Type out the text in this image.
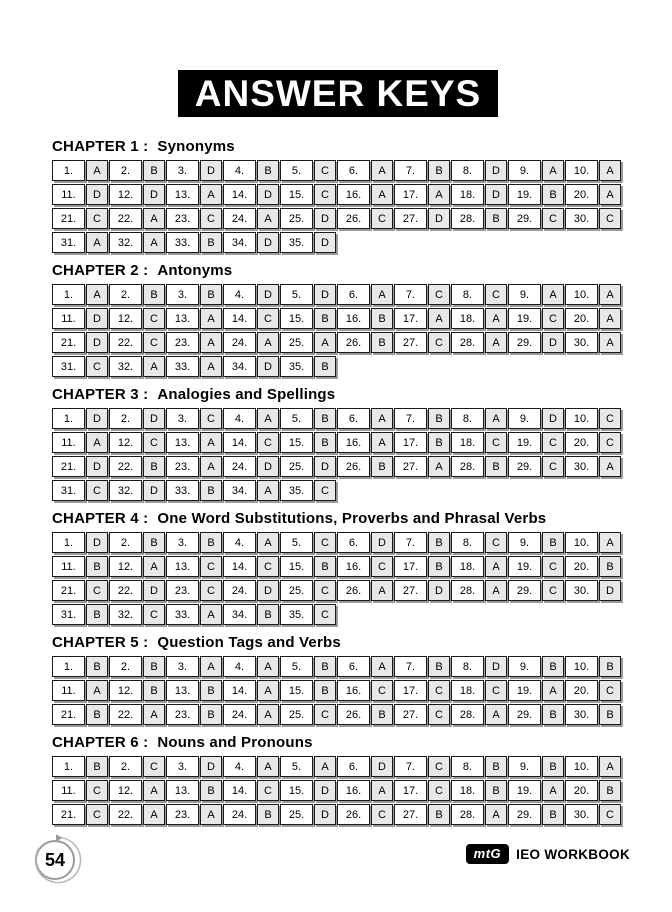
ANSWER KEYS
CHAPTER 1 : Synonyms
1.	A	2.	B	3.	D	4.	B	5.	C	6.	A	7.	B	8.	D	9.	A	10.	A
11.	D	12.	D	13.	A	14.	D	15.	C	16.	A	17.	A	18.	D	19.	B	20.	A
21.	C	22.	A	23.	C	24.	A	25.	D	26.	C	27.	D	28.	B	29.	C	30.	C
31.	A	32.	A	33.	B	34.	D	35.	D
CHAPTER 2 : Antonyms
1.	A	2.	B	3.	B	4.	D	5.	D	6.	A	7.	C	8.	C	9.	A	10.	A
11.	D	12.	C	13.	A	14.	C	15.	B	16.	B	17.	A	18.	A	19.	C	20.	A
21.	D	22.	C	23.	A	24.	A	25.	A	26.	B	27.	C	28.	A	29.	D	30.	A
31.	C	32.	A	33.	A	34.	D	35.	B
CHAPTER 3 : Analogies and Spellings
1.	D	2.	D	3.	C	4.	A	5.	B	6.	A	7.	B	8.	A	9.	D	10.	C
11.	A	12.	C	13.	A	14.	C	15.	B	16.	A	17.	B	18.	C	19.	C	20.	C
21.	D	22.	B	23.	A	24.	D	25.	D	26.	B	27.	A	28.	B	29.	C	30.	A
31.	C	32.	D	33.	B	34.	A	35.	C
CHAPTER 4 : One Word Substitutions, Proverbs and Phrasal Verbs
1.	D	2.	B	3.	B	4.	A	5.	C	6.	D	7.	B	8.	C	9.	B	10.	A
11.	B	12.	A	13.	C	14.	C	15.	B	16.	C	17.	B	18.	A	19.	C	20.	B
21.	C	22.	D	23.	C	24.	D	25.	C	26.	A	27.	D	28.	A	29.	C	30.	D
31.	B	32.	C	33.	A	34.	B	35.	C
CHAPTER 5 : Question Tags and Verbs
1.	B	2.	B	3.	A	4.	A	5.	B	6.	A	7.	B	8.	D	9.	B	10.	B
11.	A	12.	B	13.	B	14.	A	15.	B	16.	C	17.	C	18.	C	19.	A	20.	C
21.	B	22.	A	23.	B	24.	A	25.	C	26.	B	27.	C	28.	A	29.	B	30.	B
CHAPTER 6 : Nouns and Pronouns
1.	B	2.	C	3.	D	4.	A	5.	A	6.	D	7.	C	8.	B	9.	B	10.	A
11.	C	12.	A	13.	B	14.	C	15.	D	16.	A	17.	C	18.	B	19.	A	20.	B
21.	C	22.	A	23.	A	24.	B	25.	D	26.	C	27.	B	28.	A	29.	B	30.	C
54	mtG	IEO WORKBOOK
